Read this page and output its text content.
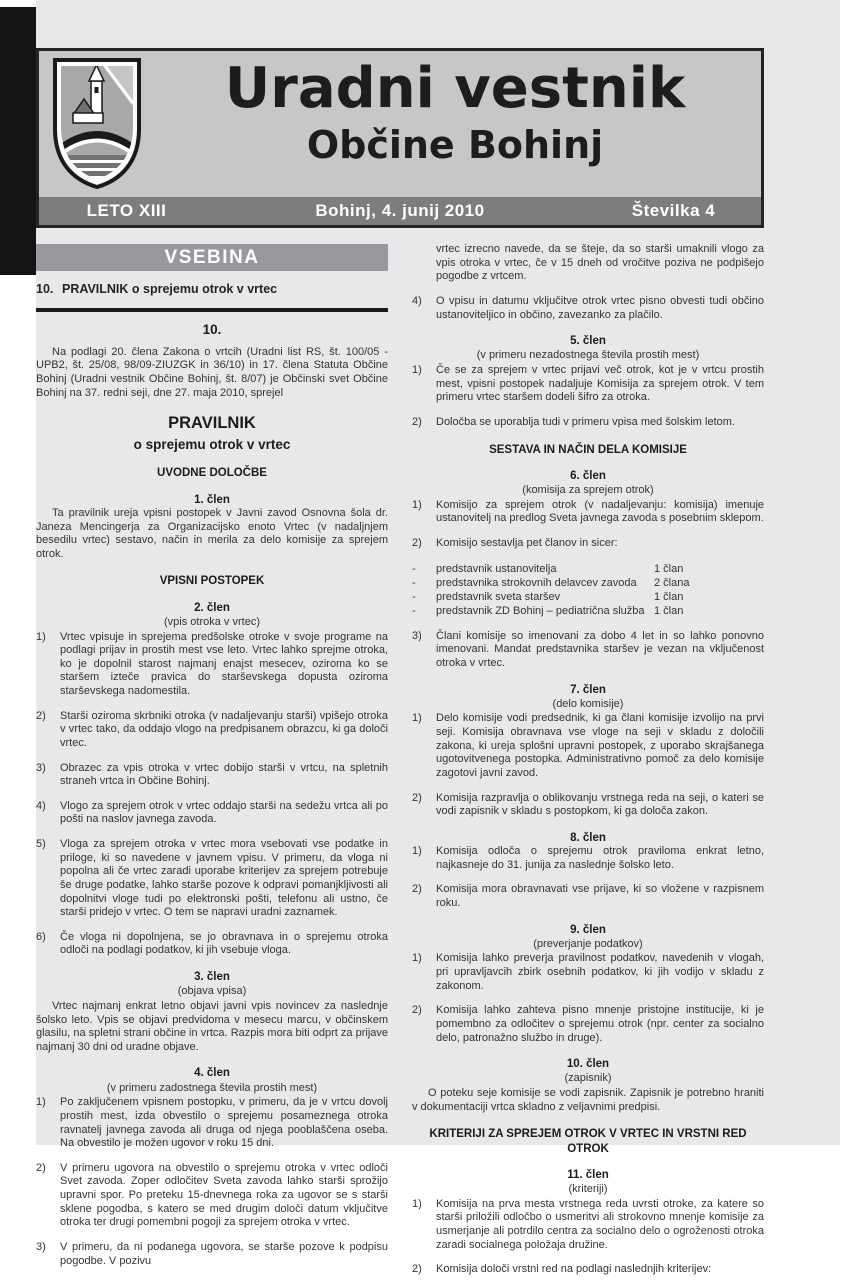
Uradni vestnik
Občine Bohinj
LETO XIII	Bohinj, 4. junij 2010	Številka 4
VSEBINA
10. PRAVILNIK o sprejemu otrok v vrtec
10.
Na podlagi 20. člena Zakona o vrtcih (Uradni list RS, št. 100/05 -UPB2, št. 25/08, 98/09-ZIUZGK in 36/10) in 17. člena Statuta Občine Bohinj (Uradni vestnik Občine Bohinj, št. 8/07) je Občinski svet Občine Bohinj na 37. redni seji, dne 27. maja 2010, sprejel
PRAVILNIK
o sprejemu otrok v vrtec
UVODNE DOLOČBE
1. člen
Ta pravilnik ureja vpisni postopek v Javni zavod Osnovna šola dr. Janeza Mencingerja za Organizacijsko enoto Vrtec (v nadaljnjem besedilu vrtec) sestavo, način in merila za delo komisije za sprejem otrok.
VPISNI POSTOPEK
2. člen
(vpis otroka v vrtec)
1)	Vrtec vpisuje in sprejema predšolske otroke v svoje programe na podlagi prijav in prostih mest vse leto. Vrtec lahko sprejme otroka, ko je dopolnil starost najmanj enajst mesecev, oziroma ko se staršem izteče pravica do starševskega dopusta oziroma starševskega nadomestila.
2)	Starši oziroma skrbniki otroka (v nadaljevanju starši) vpišejo otroka v vrtec tako, da oddajo vlogo na predpisanem obrazcu, ki ga določi vrtec.
3)	Obrazec za vpis otroka v vrtec dobijo starši v vrtcu, na spletnih straneh vrtca in Občine Bohinj.
4)	Vlogo za sprejem otrok v vrtec oddajo starši na sedežu vrtca ali po pošti na naslov javnega zavoda.
5)	Vloga za sprejem otroka v vrtec mora vsebovati vse podatke in priloge, ki so navedene v javnem vpisu. V primeru, da vloga ni popolna ali če vrtec zaradi uporabe kriterijev za sprejem potrebuje še druge podatke, lahko starše pozove k odpravi pomanjkljivosti ali dopolnitvi vloge tudi po elektronski pošti, telefonu ali ustno, če starši pridejo v vrtec. O tem se napravi uradni zaznamek.
6)	Če vloga ni dopolnjena, se jo obravnava in o sprejemu otroka odloči na podlagi podatkov, ki jih vsebuje vloga.
3. člen
(objava vpisa)
Vrtec najmanj enkrat letno objavi javni vpis novincev za naslednje šolsko leto. Vpis se objavi predvidoma v mesecu marcu, v občinskem glasilu, na spletni strani občine in vrtca. Razpis mora biti odprt za prijave najmanj 30 dni od uradne objave.
4. člen
(v primeru zadostnega števila prostih mest)
1)	Po zaključenem vpisnem postopku, v primeru, da je v vrtcu dovolj prostih mest, izda obvestilo o sprejemu posameznega otroka ravnatelj javnega zavoda ali druga od njega pooblaščena oseba. Na obvestilo je možen ugovor v roku 15 dni.
2)	V primeru ugovora na obvestilo o sprejemu otroka v vrtec odloči Svet zavoda. Zoper odločitev Sveta zavoda lahko starši sprožijo upravni spor. Po preteku 15-dnevnega roka za ugovor se s starši sklene pogodba, s katero se med drugim določi datum vključitve otroka ter drugi pomembni pogoji za sprejem otroka v vrtec.
3)	V primeru, da ni podanega ugovora, se starše pozove k podpisu pogodbe. V pozivu
vrtec izrecno navede, da se šteje, da so starši umaknili vlogo za vpis otroka v vrtec, če v 15 dneh od vročitve poziva ne podpišejo pogodbe z vrtcem.
4)	O vpisu in datumu vključitve otrok vrtec pisno obvesti tudi občino ustanoviteljico in občino, zavezanko za plačilo.
5. člen
(v primeru nezadostnega števila prostih mest)
1)	Če se za sprejem v vrtec prijavi več otrok, kot je v vrtcu prostih mest, vpisni postopek nadaljuje Komisija za sprejem otrok. V tem primeru vrtec staršem dodeli šifro za otroka.
2)	Določba se uporablja tudi v primeru vpisa med šolskim letom.
SESTAVA IN NAČIN DELA KOMISIJE
6. člen
(komisija za sprejem otrok)
1)	Komisijo za sprejem otrok (v nadaljevanju: komisija) imenuje ustanovitelj na predlog Sveta javnega zavoda s posebnim sklepom.
2)	Komisijo sestavlja pet članov in sicer:
-	predstavnik ustanovitelja	1 član
-	predstavnika strokovnih delavcev zavoda	2 člana
-	predstavnik sveta staršev	1 član
-	predstavnik ZD Bohinj – pediatrična služba 1 član
3)	Člani komisije so imenovani za dobo 4 let in so lahko ponovno imenovani. Mandat predstavnika staršev je vezan na vključenost otroka v vrtec.
7. člen
(delo komisije)
1)	Delo komisije vodi predsednik, ki ga člani komisije izvolijo na prvi seji. Komisija obravnava vse vloge na seji v skladu z določili zakona, ki ureja splošni upravni postopek, z uporabo skrajšanega ugotovitvenega postopka. Administrativno pomoč za delo komisije zagotovi javni zavod.
2)	Komisija razpravlja o oblikovanju vrstnega reda na seji, o kateri se vodi zapisnik v skladu s postopkom, ki ga določa zakon.
8. člen
1)	Komisija odloča o sprejemu otrok praviloma enkrat letno, najkasneje do 31. junija za naslednje šolsko leto.
2)	Komisija mora obravnavati vse prijave, ki so vložene v razpisnem roku.
9. člen
(preverjanje podatkov)
1)	Komisija lahko preverja pravilnost podatkov, navedenih v vlogah, pri upravljavcih zbirk osebnih podatkov, ki jih vodijo v skladu z zakonom.
2)	Komisija lahko zahteva pisno mnenje pristojne institucije, ki je pomembno za odločitev o sprejemu otrok (npr. center za socialno delo, patronažno službo in druge).
10. člen
(zapisnik)
O poteku seje komisije se vodi zapisnik. Zapisnik je potrebno hraniti v dokumentaciji vrtca skladno z veljavnimi predpisi.
KRITERIJI ZA SPREJEM OTROK V VRTEC IN VRSTNI RED OTROK
11. člen
(kriteriji)
1)	Komisija na prva mesta vrstnega reda uvrsti otroke, za katere so starši priložili odločbo o usmeritvi ali strokovno mnenje komisije za usmerjanje ali potrdilo centra za socialno delo o ogroženosti otroka zaradi socialnega položaja družine.
2)	Komisija določi vrstni red na podlagi naslednjih kriterijev:
